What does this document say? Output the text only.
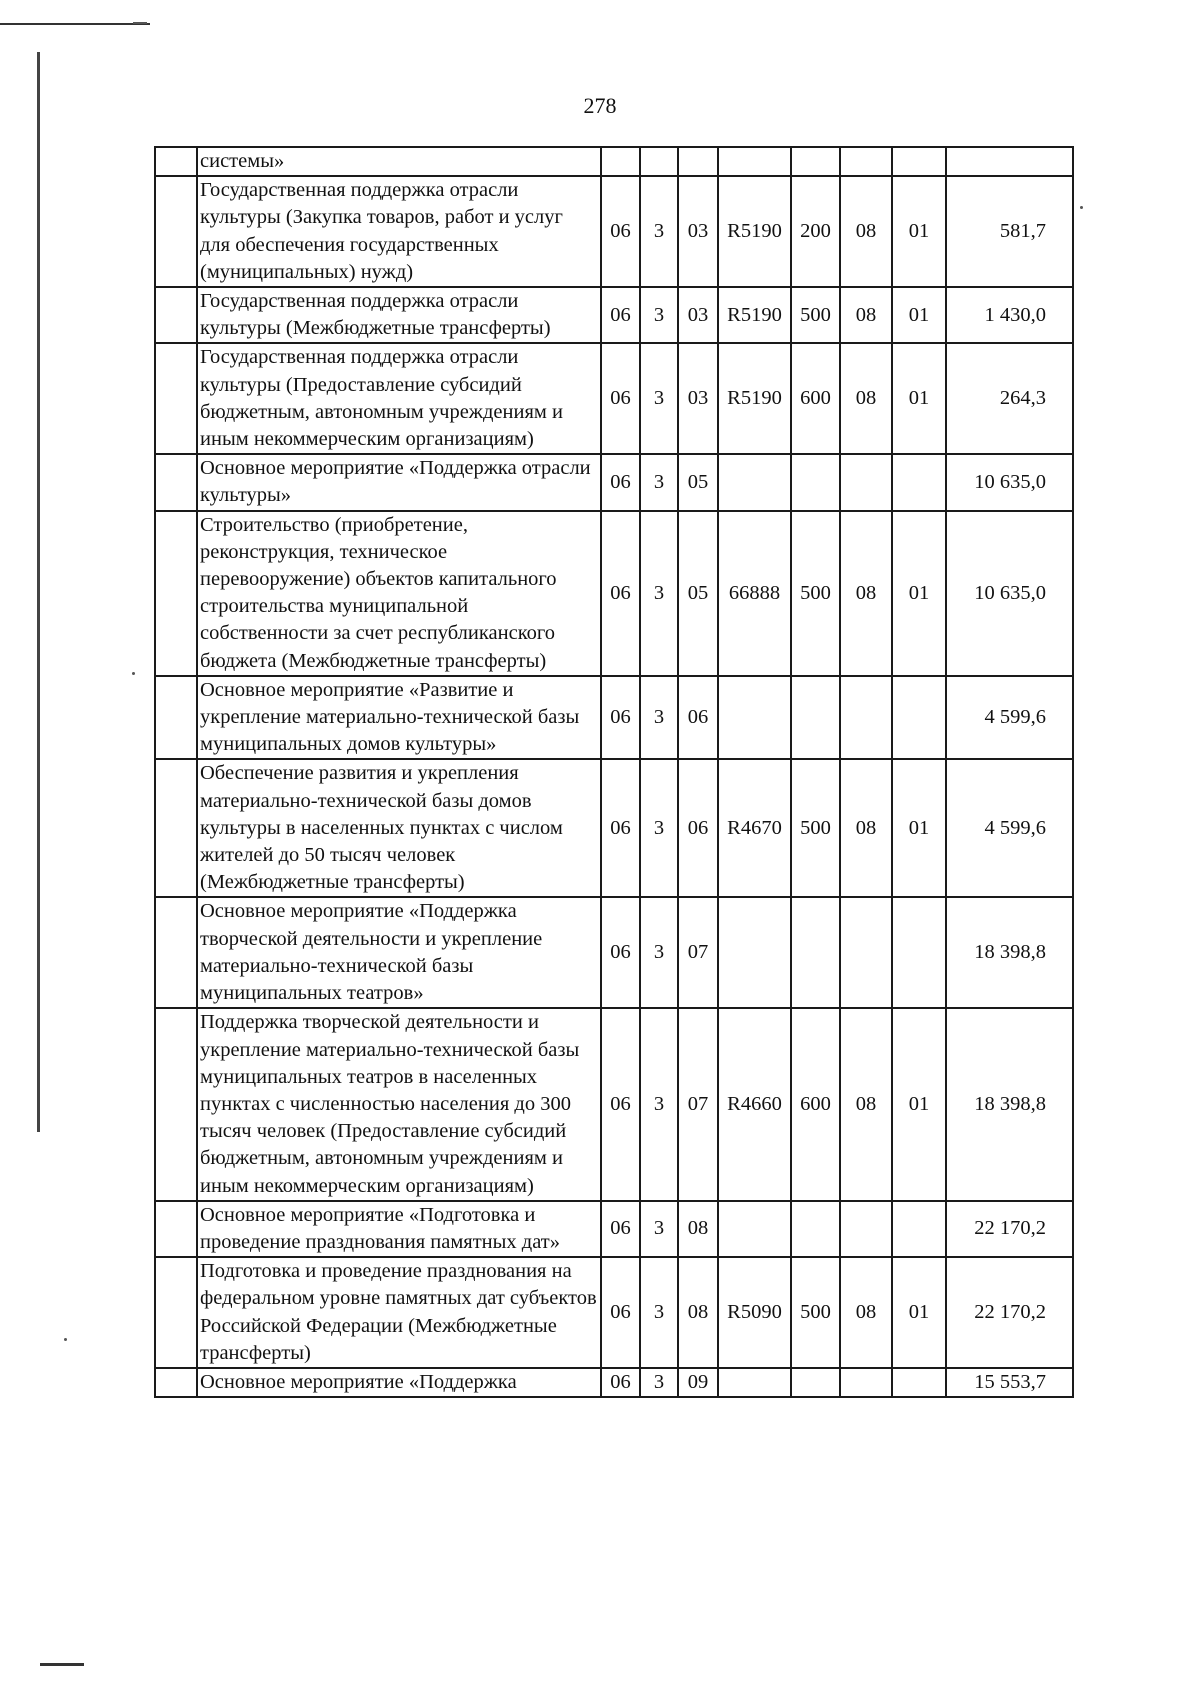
278
	системы»								
	Государственная поддержка отрасли культуры (Закупка товаров, работ и услуг для обеспечения государственных (муниципальных) нужд)	06	3	03	R5190	200	08	01	581,7
	Государственная поддержка отрасли культуры (Межбюджетные трансферты)	06	3	03	R5190	500	08	01	1 430,0
	Государственная поддержка отрасли культуры (Предоставление субсидий бюджетным, автономным учреждениям и иным некоммерческим организациям)	06	3	03	R5190	600	08	01	264,3
	Основное мероприятие «Поддержка отрасли культуры»	06	3	05					10 635,0
	Строительство (приобретение, реконструкция, техническое перевооружение) объектов капитального строительства муниципальной собственности за счет республиканского бюджета (Межбюджетные трансферты)	06	3	05	66888	500	08	01	10 635,0
	Основное мероприятие «Развитие и укрепление материально-технической базы муниципальных домов культуры»	06	3	06					4 599,6
	Обеспечение развития и укрепления материально-технической базы домов культуры в населенных пунктах с числом жителей до 50 тысяч человек (Межбюджетные трансферты)	06	3	06	R4670	500	08	01	4 599,6
	Основное мероприятие «Поддержка творческой деятельности и укрепление материально-технической базы муниципальных театров»	06	3	07					18 398,8
	Поддержка творческой деятельности и укрепление материально-технической базы муниципальных театров в населенных пунктах с численностью населения до 300 тысяч человек (Предоставление субсидий бюджетным, автономным учреждениям и иным некоммерческим организациям)	06	3	07	R4660	600	08	01	18 398,8
	Основное мероприятие «Подготовка и проведение празднования памятных дат»	06	3	08					22 170,2
	Подготовка и проведение празднования на федеральном уровне памятных дат субъектов Российской Федерации (Межбюджетные трансферты)	06	3	08	R5090	500	08	01	22 170,2
	Основное мероприятие «Поддержка	06	3	09					15 553,7
